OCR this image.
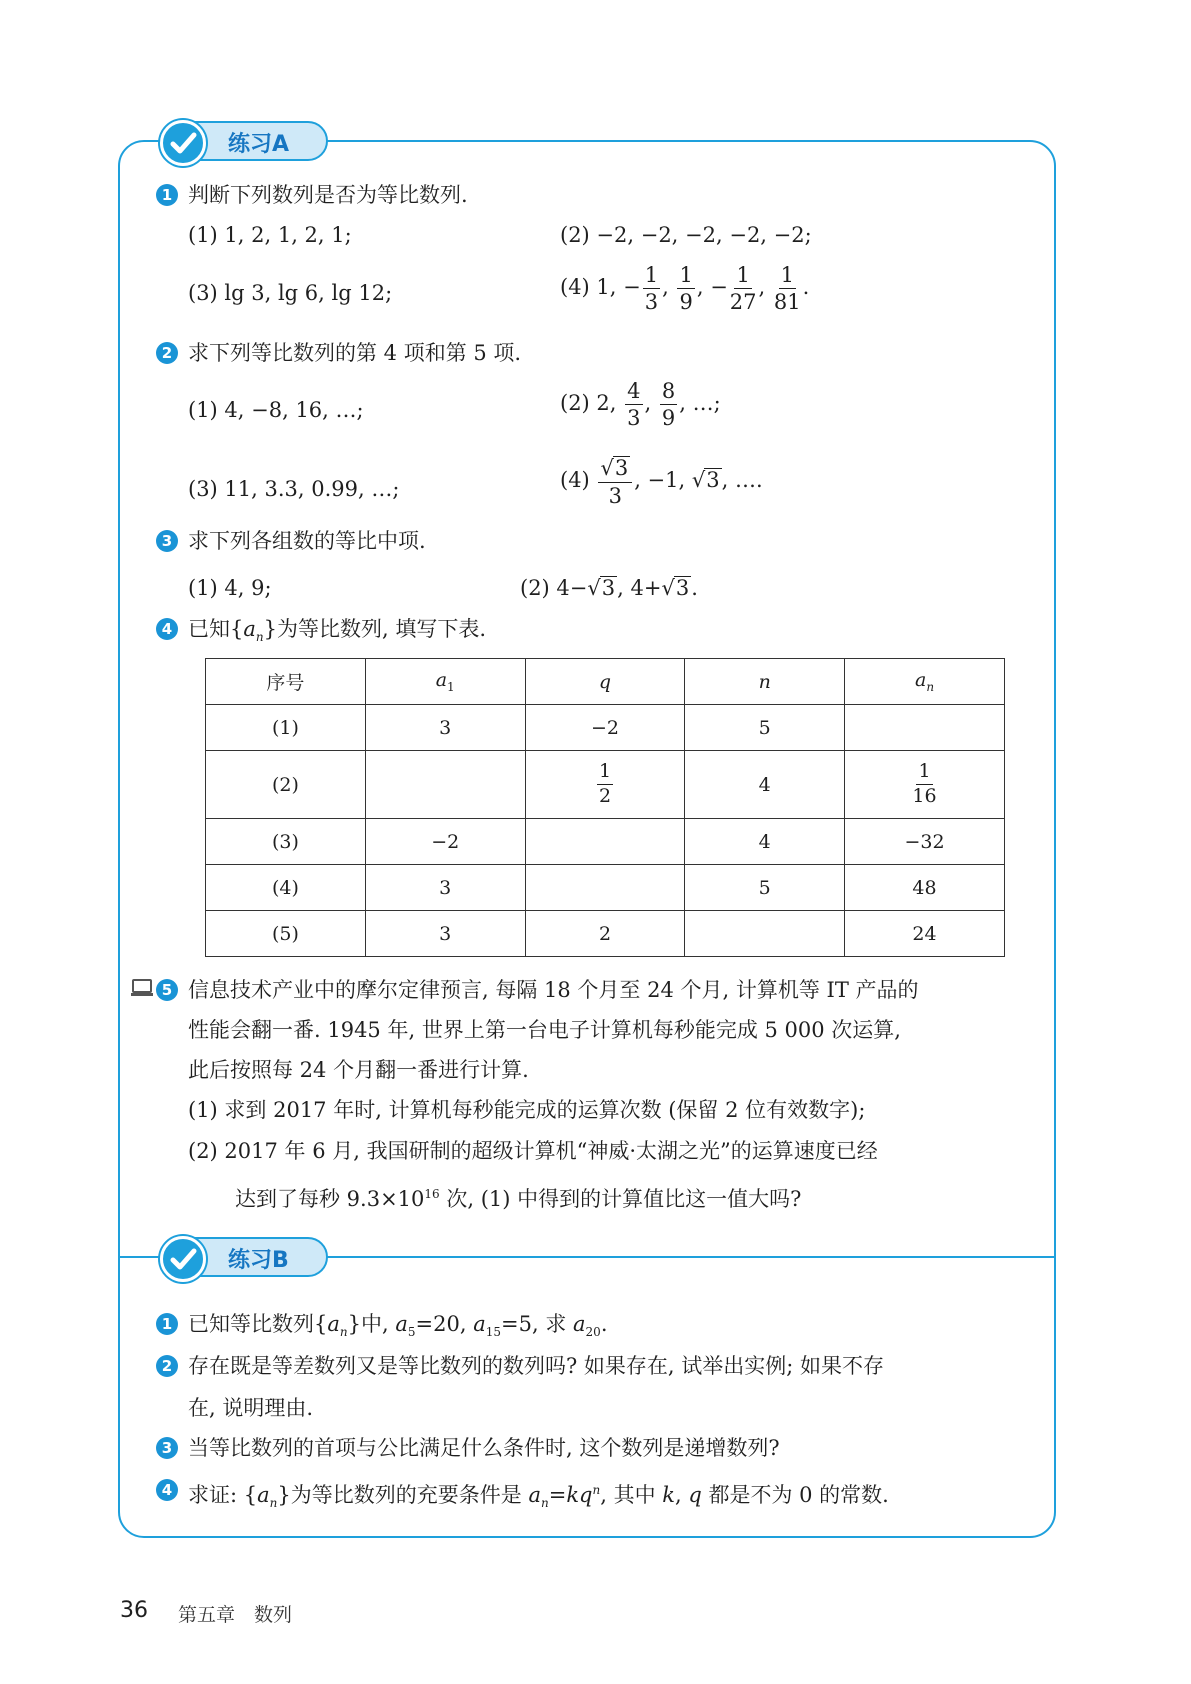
练习A
1 判断下列数列是否为等比数列.
(1) 1, 2, 1, 2, 1;	(2) −2, −2, −2, −2, −2;
(3) lg 3, lg 6, lg 12;	(4) 1, − $\frac{1}{3}$ , $\frac{1}{9}$ , − $\frac{1}{27}$ , $\frac{1}{81}$ .
2 求下列等比数列的第 4 项和第 5 项.
(1) 4, −8, 16, …;	(2) 2, $\frac{4}{3}$ , $\frac{8}{9}$ , …;
(3) 11, 3.3, 0.99, …;	$(4) \frac{√3}{3}$ , −1, √3, ….
3 求下列各组数的等比中项.
(1) 4, 9;	(2) 4−√3, 4+√3.
4 已知$\{a_n\}$为等比数列, 填写下表.
序号	$a_1$	q	n	$a_n$
(1)	3	−2	5	
(2)		$\frac{1}{2}$	4	$\frac{1}{16}$

(3)	−2		4	−32
(4)	3		5	48
(5)	3	2		24
5 信息技术产业中的摩尔定律预言, 每隔 18 个月至 24 个月, 计算机等 IT 产品的
性能会翻一番. 1945 年, 世界上第一台电子计算机每秒能完成 5 000 次运算,
此后按照每 24 个月翻一番进行计算.
(1) 求到 2017 年时, 计算机每秒能完成的运算次数 (保留 2 位有效数字);
(2) 2017 年 6 月, 我国研制的超级计算机“神威·太湖之光”的运算速度已经
达到了每秒 $9.3\times 10^{16}$ 次, (1) 中得到的计算值比这一值大吗?
练习B
1 已知等比数列$\{a_n\}$中, $a_5=20$, $a_{15}=5$, 求 $a_{20}$.
2 存在既是等差数列又是等比数列的数列吗? 如果存在, 试举出实例; 如果不存
在, 说明理由.
3 当等比数列的首项与公比满足什么条件时, 这个数列是递增数列?
4 求证: $\{a_n\}$为等比数列的充要条件是 $a_n=kq^n$, 其中 k, q 都是不为 0 的常数.
36 第五章　数列
